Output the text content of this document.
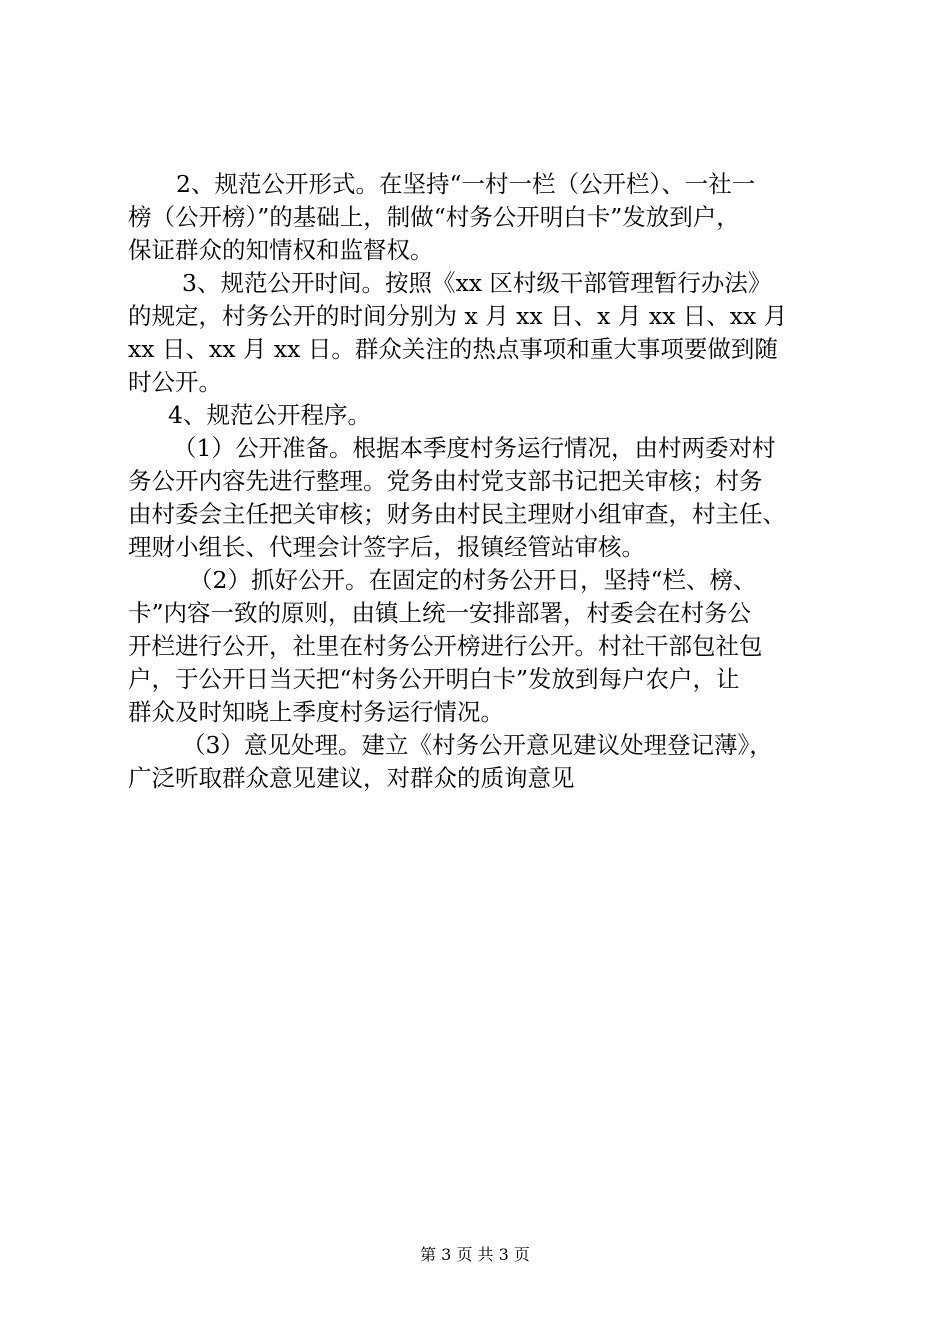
2、规范公开形式。在坚持“一村一栏（公开栏）、一社一
榜（公开榜）”的基础上，制做“村务公开明白卡”发放到户，
保证群众的知情权和监督权。
3、规范公开时间。按照《xx 区村级干部管理暂行办法》
的规定，村务公开的时间分别为 x 月 xx 日、x 月 xx 日、xx 月
xx 日、xx 月 xx 日。群众关注的热点事项和重大事项要做到随
时公开。
4、规范公开程序。
（1）公开准备。根据本季度村务运行情况，由村两委对村
务公开内容先进行整理。党务由村党支部书记把关审核；村务
由村委会主任把关审核；财务由村民主理财小组审查，村主任、
理财小组长、代理会计签字后，报镇经管站审核。
（2）抓好公开。在固定的村务公开日，坚持“栏、榜、
卡”内容一致的原则，由镇上统一安排部署，村委会在村务公
开栏进行公开，社里在村务公开榜进行公开。村社干部包社包
户，于公开日当天把“村务公开明白卡”发放到每户农户，让
群众及时知晓上季度村务运行情况。
（3）意见处理。建立《村务公开意见建议处理登记薄》，
广泛听取群众意见建议，对群众的质询意见
第 3 页 共 3 页
